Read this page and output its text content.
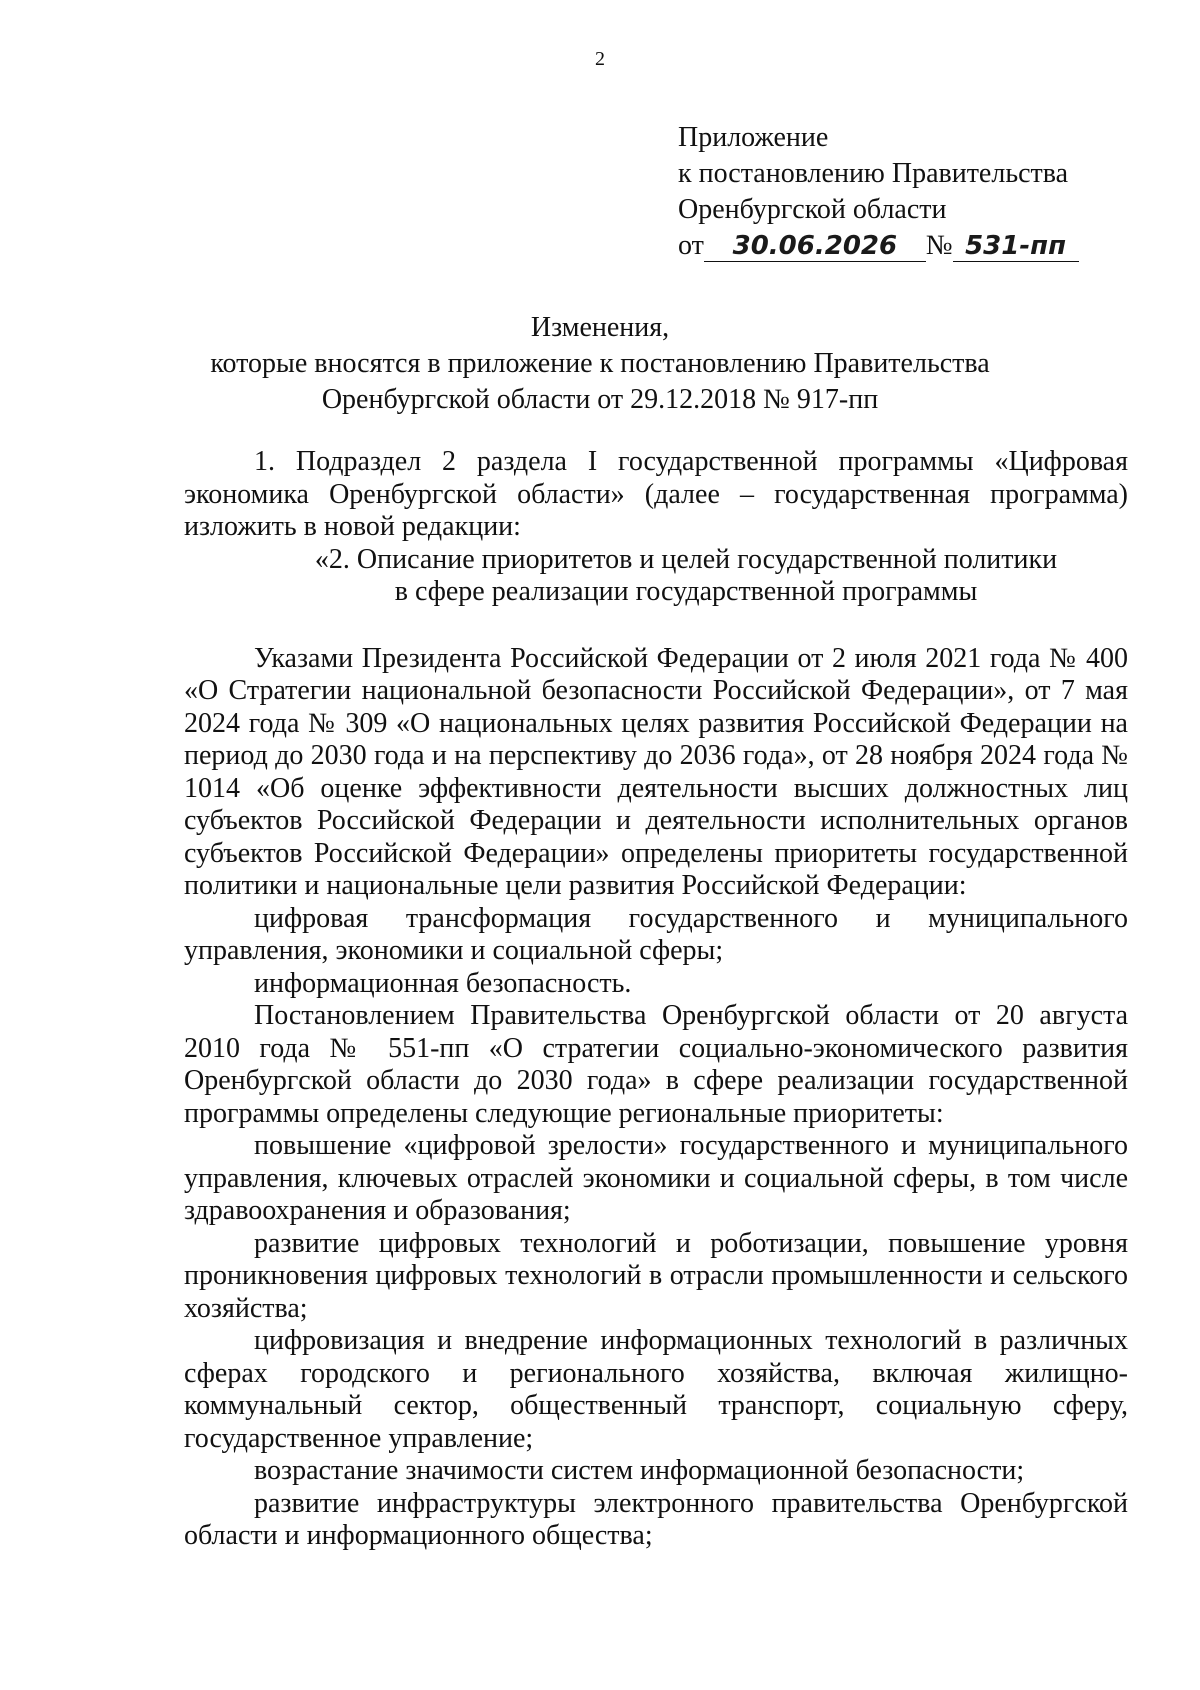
2
Приложение
к постановлению Правительства
Оренбургской области
от 30.06.2026 № 531-пп
Изменения,
которые вносятся в приложение к постановлению Правительства
Оренбургской области от 29.12.2018 № 917-пп

1. Подраздел 2 раздела I государственной программы «Цифровая экономика Оренбургской области» (далее – государственная программа) изложить в новой редакции:

«2. Описание приоритетов и целей государственной политики

в сфере реализации государственной программы

Указами Президента Российской Федерации от 2 июля 2021 года № 400 «О Стратегии национальной безопасности Российской Федерации», от 7 мая 2024 года № 309 «О национальных целях развития Российской Федерации на период до 2030 года и на перспективу до 2036 года», от 28 ноября 2024 года № 1014 «Об оценке эффективности деятельности высших должностных лиц субъектов Российской Федерации и деятельности исполнительных органов субъектов Российской Федерации» определены приоритеты государственной политики и национальные цели развития Российской Федерации:

цифровая трансформация государственного и муниципального управления, экономики и социальной сферы;

информационная безопасность.

Постановлением Правительства Оренбургской области от 20 августа 2010 года № 551-пп «О стратегии социально-экономического развития Оренбургской области до 2030 года» в сфере реализации государственной программы определены следующие региональные приоритеты:

повышение «цифровой зрелости» государственного и муниципального управления, ключевых отраслей экономики и социальной сферы, в том числе здравоохранения и образования;

развитие цифровых технологий и роботизации, повышение уровня проникновения цифровых технологий в отрасли промышленности и сельского хозяйства;

цифровизация и внедрение информационных технологий в различных сферах городского и регионального хозяйства, включая жилищно-коммунальный сектор, общественный транспорт, социальную сферу, государственное управление;

возрастание значимости систем информационной безопасности;

развитие инфраструктуры электронного правительства Оренбургской области и информационного общества;
